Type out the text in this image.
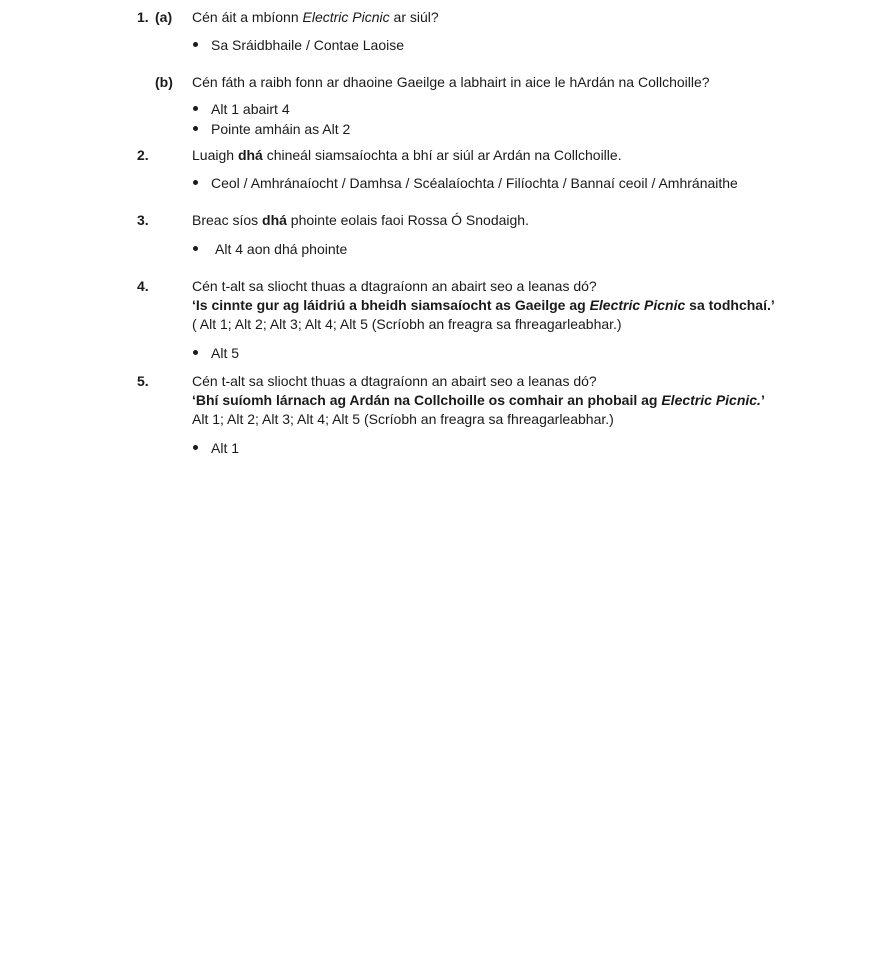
1. (a) Cén áit a mbíonn Electric Picnic ar siúl?
Sa Sráidbhaile / Contae Laoise
(b) Cén fáth a raibh fonn ar dhaoine Gaeilge a labhairt in aice le hArdán na Collchoille?
Alt 1 abairt 4
Pointe amháin as Alt 2
2.	Luaigh dhá chineál siamsaíochta a bhí ar siúl ar Ardán na Collchoille.
Ceol / Amhránaíocht / Damhsa / Scéalaíochta / Filíochta / Bannaí ceoil / Amhránaithe
3.	Breac síos dhá phointe eolais faoi Rossa Ó Snodaigh.
Alt 4 aon dhá phointe
4.	Cén t-alt sa sliocht thuas a dtagraíonn an abairt seo a leanas dó?
‘Is cinnte gur ag láidriú a bheidh siamsaíocht as Gaeilge ag Electric Picnic sa todhchaí.’
( Alt 1; Alt 2; Alt 3; Alt 4; Alt 5 (Scríobh an freagra sa fhreagarleabhar.)
Alt 5
5.	Cén t-alt sa sliocht thuas a dtagraíonn an abairt seo a leanas dó?
‘Bhí suíomh lárnach ag Ardán na Collchoille os comhair an phobail ag Electric Picnic.’
Alt 1; Alt 2; Alt 3; Alt 4; Alt 5 (Scríobh an freagra sa fhreagarleabhar.)
Alt 1
